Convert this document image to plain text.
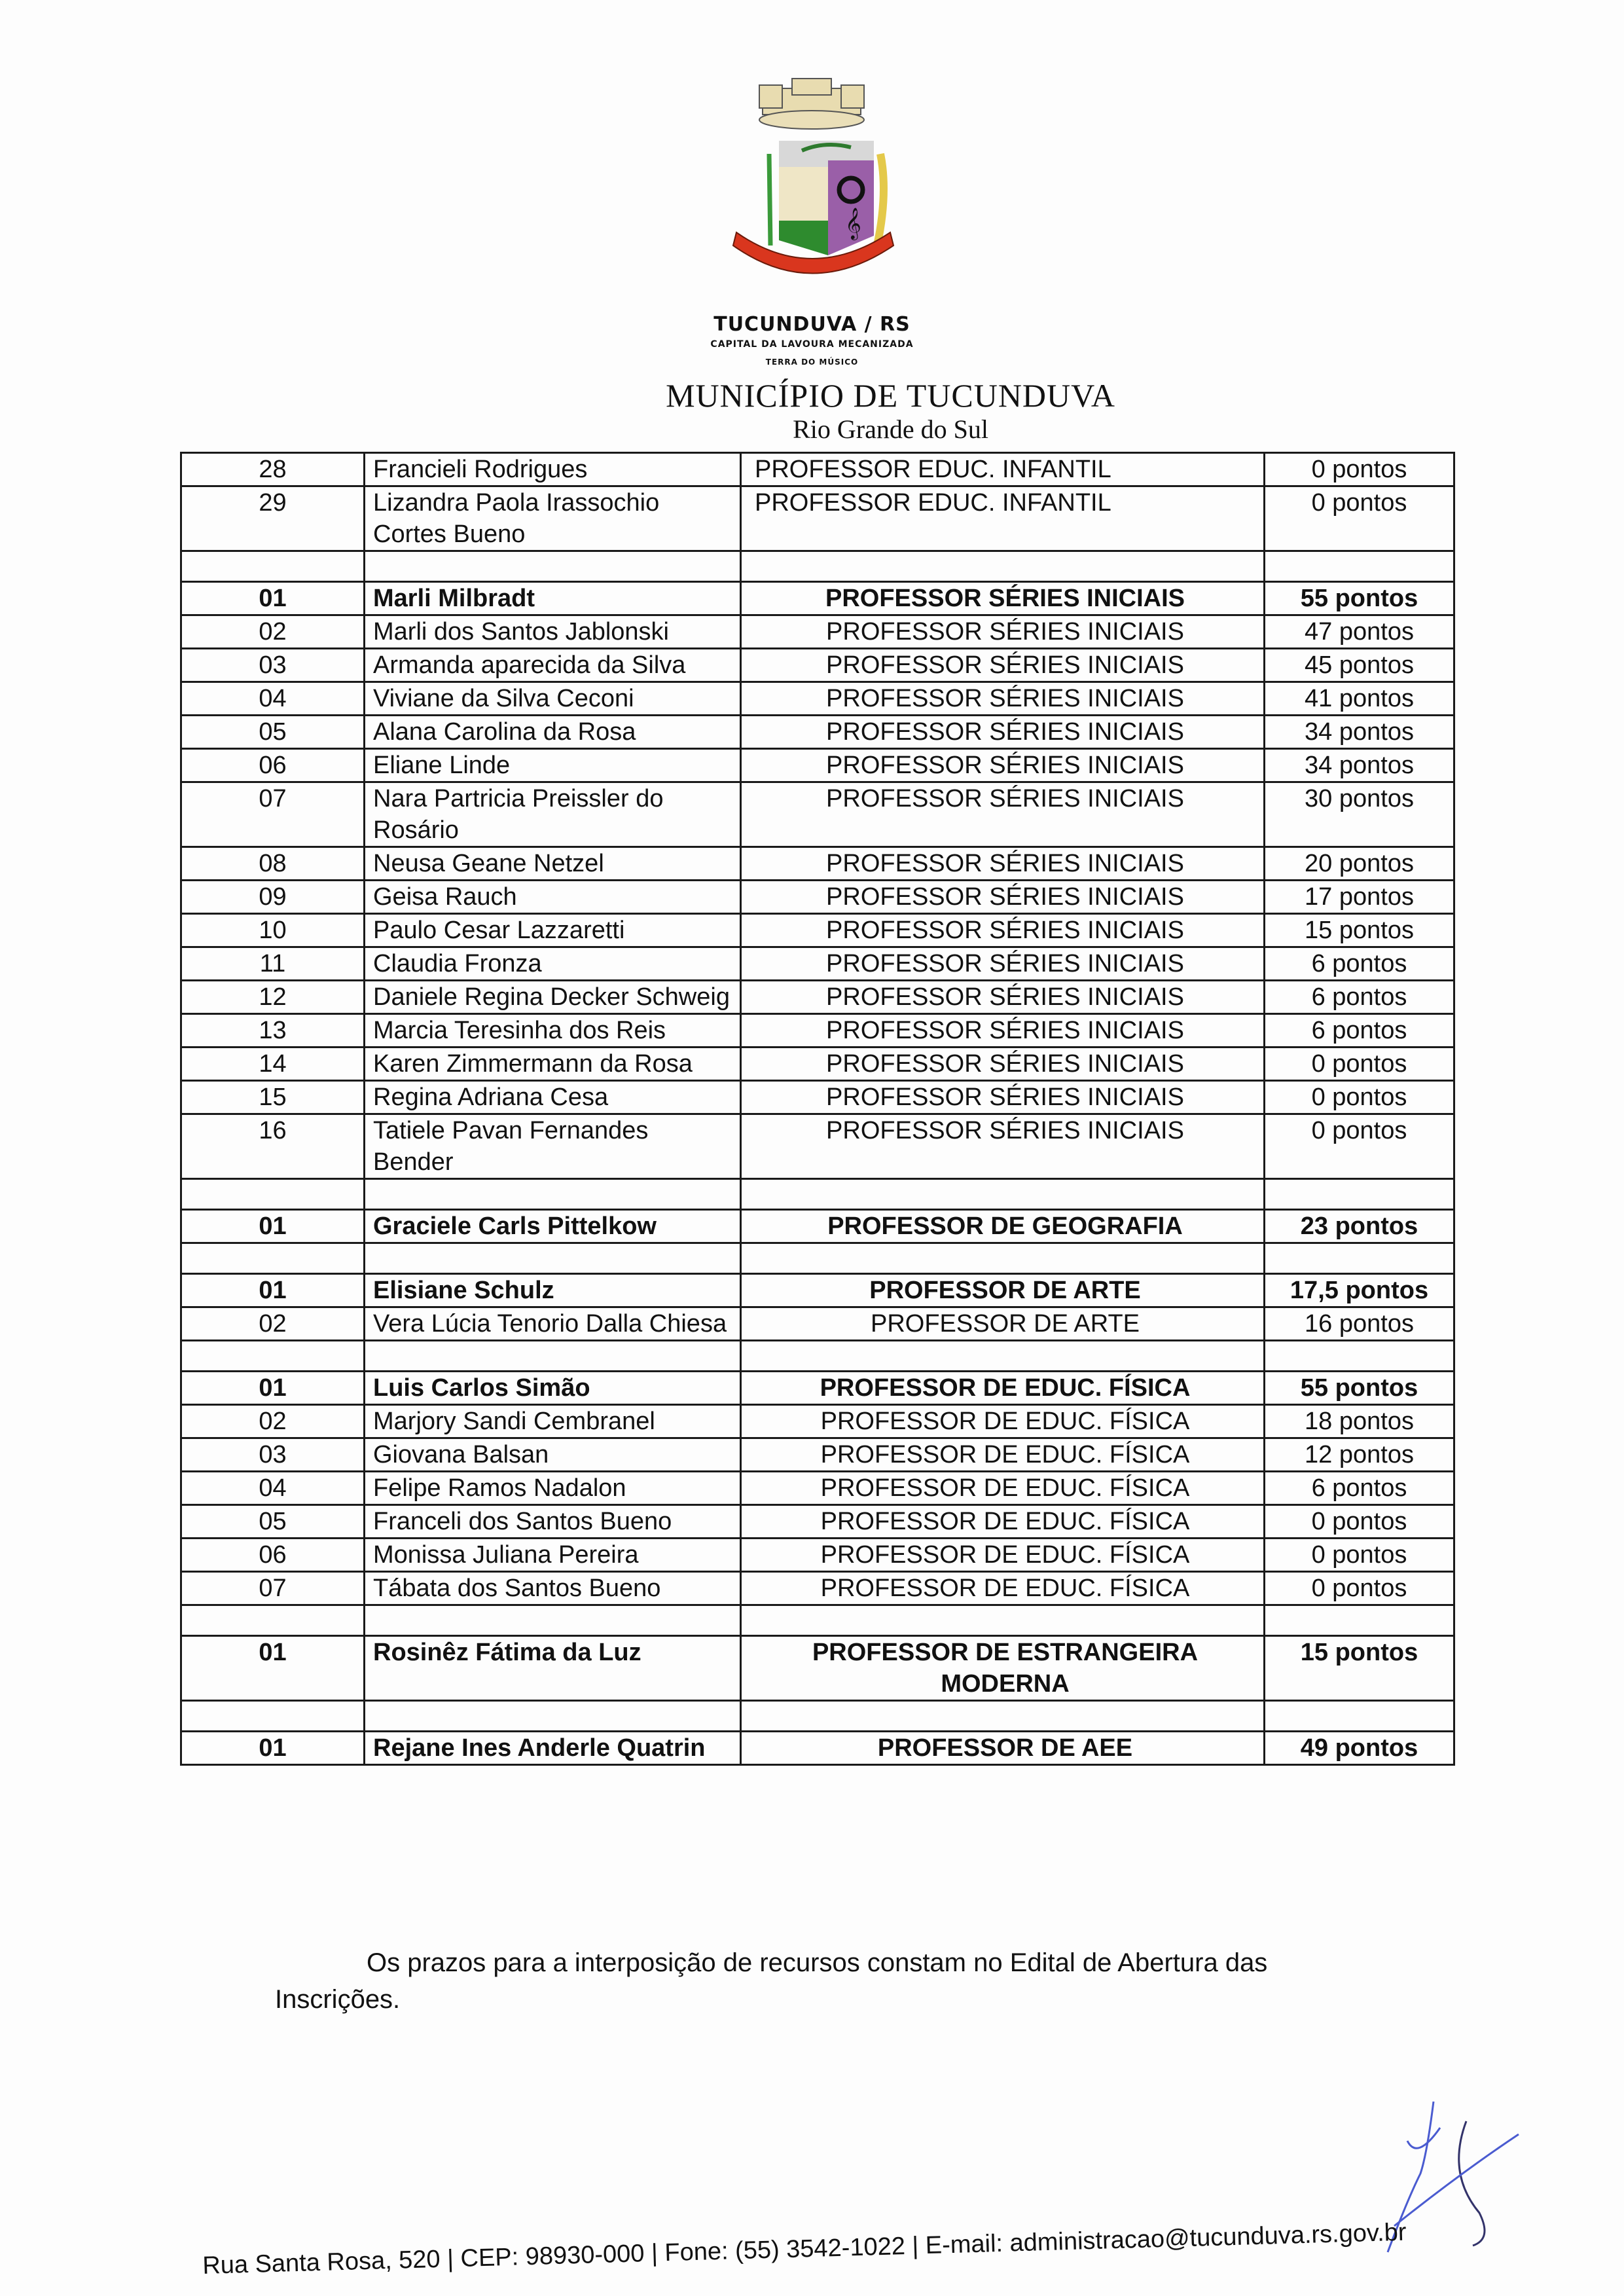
𝄞
TUCUNDUVA / RS
CAPITAL DA LAVOURA MECANIZADA
TERRA DO MÚSICO
MUNICÍPIO DE TUCUNDUVA
Rio Grande do Sul
28	Francieli Rodrigues	PROFESSOR EDUC. INFANTIL	0 pontos
29	Lizandra Paola Irassochio Cortes Bueno	PROFESSOR EDUC. INFANTIL	0 pontos

01	Marli Milbradt	PROFESSOR SÉRIES INICIAIS	55 pontos
02	Marli dos Santos Jablonski	PROFESSOR SÉRIES INICIAIS	47 pontos
03	Armanda aparecida da Silva	PROFESSOR SÉRIES INICIAIS	45 pontos
04	Viviane da Silva Ceconi	PROFESSOR SÉRIES INICIAIS	41 pontos
05	Alana Carolina da Rosa	PROFESSOR SÉRIES INICIAIS	34 pontos
06	Eliane Linde	PROFESSOR SÉRIES INICIAIS	34 pontos
07	Nara Partricia Preissler do Rosário	PROFESSOR SÉRIES INICIAIS	30 pontos
08	Neusa Geane Netzel	PROFESSOR SÉRIES INICIAIS	20 pontos
09	Geisa Rauch	PROFESSOR SÉRIES INICIAIS	17 pontos
10	Paulo Cesar Lazzaretti	PROFESSOR SÉRIES INICIAIS	15 pontos
11	Claudia Fronza	PROFESSOR SÉRIES INICIAIS	6 pontos
12	Daniele Regina Decker Schweig	PROFESSOR SÉRIES INICIAIS	6 pontos
13	Marcia Teresinha dos Reis	PROFESSOR SÉRIES INICIAIS	6 pontos
14	Karen Zimmermann da Rosa	PROFESSOR SÉRIES INICIAIS	0 pontos
15	Regina Adriana Cesa	PROFESSOR SÉRIES INICIAIS	0 pontos
16	Tatiele Pavan Fernandes Bender	PROFESSOR SÉRIES INICIAIS	0 pontos

01	Graciele Carls Pittelkow	PROFESSOR DE GEOGRAFIA	23 pontos

01	Elisiane Schulz	PROFESSOR DE ARTE	17,5 pontos
02	Vera Lúcia Tenorio Dalla Chiesa	PROFESSOR DE ARTE	16 pontos

01	Luis Carlos Simão	PROFESSOR DE EDUC. FÍSICA	55 pontos
02	Marjory Sandi Cembranel	PROFESSOR DE EDUC. FÍSICA	18 pontos
03	Giovana Balsan	PROFESSOR DE EDUC. FÍSICA	12 pontos
04	Felipe Ramos Nadalon	PROFESSOR DE EDUC. FÍSICA	6 pontos
05	Franceli dos Santos Bueno	PROFESSOR DE EDUC. FÍSICA	0 pontos
06	Monissa Juliana Pereira	PROFESSOR DE EDUC. FÍSICA	0 pontos
07	Tábata dos Santos Bueno	PROFESSOR DE EDUC. FÍSICA	0 pontos

01	Rosinêz Fátima da Luz	PROFESSOR DE ESTRANGEIRA MODERNA	15 pontos

01	Rejane Ines Anderle Quatrin	PROFESSOR DE AEE	49 pontos
Os prazos para a interposição de recursos constam no Edital de Abertura das
Inscrições.
Rua Santa Rosa, 520 | CEP: 98930-000 | Fone: (55) 3542-1022 | E-mail: administracao@tucunduva.rs.gov.br
